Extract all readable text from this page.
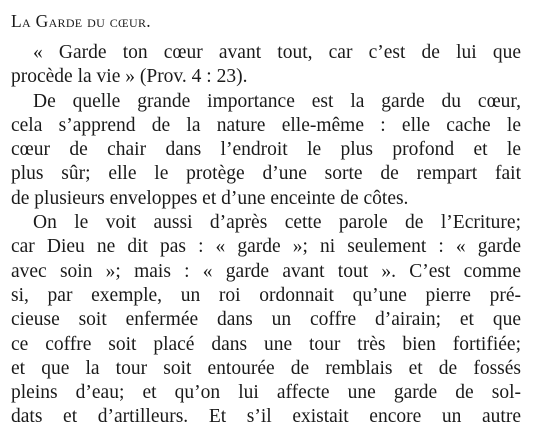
La Garde du cœur.
« Garde ton cœur avant tout, car c’est de lui que
procède la vie » (Prov. 4 : 23).
De quelle grande importance est la garde du cœur,
cela s’apprend de la nature elle-même : elle cache le
cœur de chair dans l’endroit le plus profond et le
plus sûr; elle le protège d’une sorte de rempart fait
de plusieurs enveloppes et d’une enceinte de côtes.
On le voit aussi d’après cette parole de l’Ecriture;
car Dieu ne dit pas : « garde »; ni seulement : « garde
avec soin »; mais : « garde avant tout ». C’est comme
si, par exemple, un roi ordonnait qu’une pierre pré-
cieuse soit enfermée dans un coffre d’airain; et que
ce coffre soit placé dans une tour très bien fortifiée;
et que la tour soit entourée de remblais et de fossés
pleins d’eau; et qu’on lui affecte une garde de sol-
dats et d’artilleurs. Et s’il existait encore un autre
